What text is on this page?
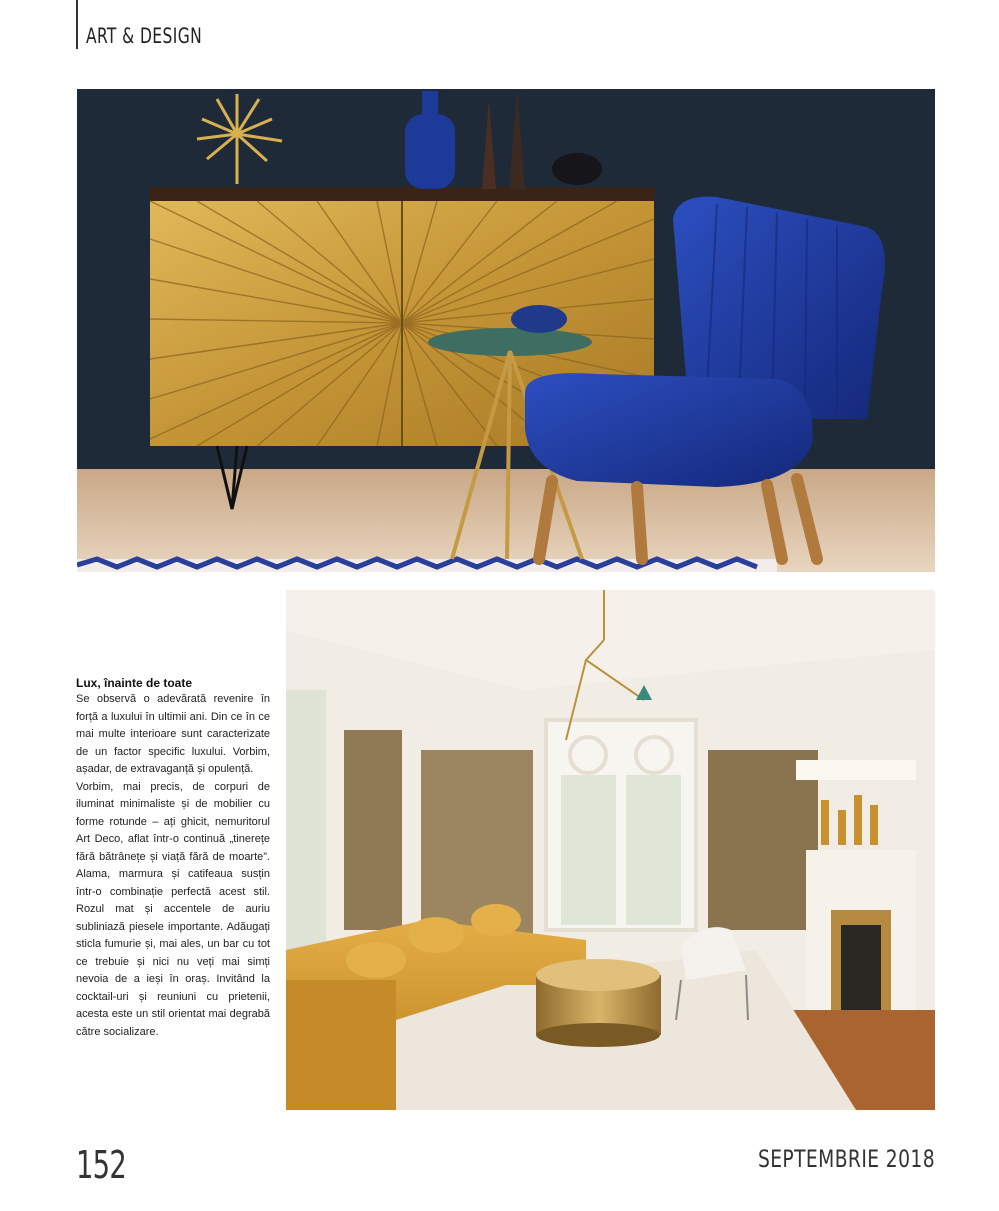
ART & DESIGN

Lux, înainte de toate

Se observă o adevărată revenire în forță a luxului în ultimii ani. Din ce în ce mai multe interioare sunt caracterizate de un factor specific luxului. Vorbim, așadar, de extravaganță și opulență.

Vorbim, mai precis, de corpuri de iluminat minimaliste și de mobilier cu forme rotunde – ați ghicit, nemuritorul Art Deco, aflat într-o continuă „tinerețe fără bătrânețe și viață fără de moarte”. Alama, marmura și catifeaua susțin într-o combinație perfectă acest stil. Rozul mat și accentele de auriu subliniază piesele importante. Adăugați sticla fumurie și, mai ales, un bar cu tot ce trebuie și nici nu veți mai simți nevoia de a ieși în oraș. Invitând la cocktail-uri și reuniuni cu prietenii, acesta este un stil orientat mai degrabă către socializare.

152	SEPTEMBRIE 2018
